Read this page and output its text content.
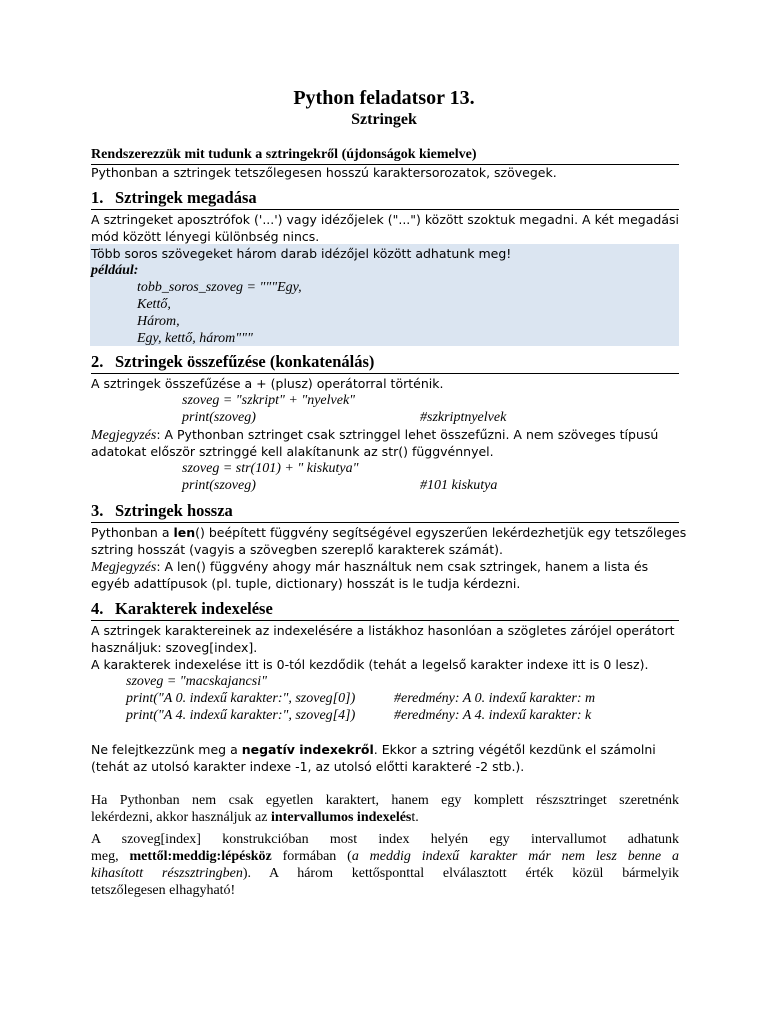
Python feladatsor 13.
Sztringek
Rendszerezzük mit tudunk a sztringekről (újdonságok kiemelve)
Pythonban a sztringek tetszőlegesen hosszú karaktersorozatok, szövegek.
1. Sztringek megadása
A sztringeket aposztrófok ('...') vagy idézőjelek ("...") között szoktuk megadni. A két megadási
mód között lényegi különbség nincs.
Több soros szövegeket három darab idézőjel között adhatunk meg!
például:
tobb_soros_szoveg = """Egy,
Kettő,
Három,
Egy, kettő, három"""
2. Sztringek összefűzése (konkatenálás)
A sztringek összefűzése a + (plusz) operátorral történik.
szoveg = "szkript" + "nyelvek"
print(szoveg)	#szkriptnyelvek
Megjegyzés: A Pythonban sztringet csak sztringgel lehet összefűzni. A nem szöveges típusú
adatokat először sztringgé kell alakítanunk az str() függvénnyel.
szoveg = str(101) + " kiskutya"
print(szoveg)	#101 kiskutya
3. Sztringek hossza
Pythonban a len() beépített függvény segítségével egyszerűen lekérdezhetjük egy tetszőleges
sztring hosszát (vagyis a szövegben szereplő karakterek számát).
Megjegyzés: A len() függvény ahogy már használtuk nem csak sztringek, hanem a lista és
egyéb adattípusok (pl. tuple, dictionary) hosszát is le tudja kérdezni.
4. Karakterek indexelése
A sztringek karaktereinek az indexelésére a listákhoz hasonlóan a szögletes zárójel operátort
használjuk: szoveg[index].
A karakterek indexelése itt is 0-tól kezdődik (tehát a legelső karakter indexe itt is 0 lesz).
szoveg = "macskajancsi"
print("A 0. indexű karakter:", szoveg[0])	#eredmény: A 0. indexű karakter: m
print("A 4. indexű karakter:", szoveg[4])	#eredmény: A 4. indexű karakter: k
Ne felejtkezzünk meg a negatív indexekről. Ekkor a sztring végétől kezdünk el számolni
(tehát az utolsó karakter indexe -1, az utolsó előtti karakteré -2 stb.).
Ha Pythonban nem csak egyetlen karaktert, hanem egy komplett részsztringet szeretnénk
lekérdezni, akkor használjuk az intervallumos indexelést.
A szoveg[index] konstrukcióban most index helyén egy intervallumot adhatunk
meg, mettől:meddig:lépésköz formában (a meddig indexű karakter már nem lesz benne a
kihasított részsztringben). A három kettősponttal elválasztott érték közül bármelyik
tetszőlegesen elhagyható!
